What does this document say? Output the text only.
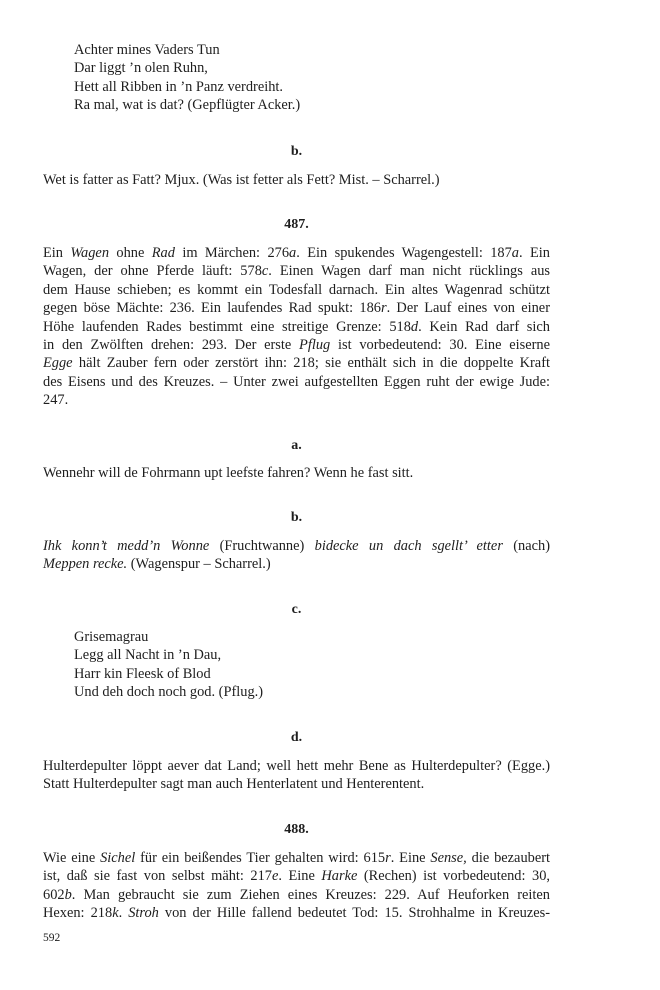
Achter mines Vaders Tun
Dar liggt ’n olen Ruhn,
Hett all Ribben in ’n Panz verdreiht.
Ra mal, wat is dat? (Gepflügter Acker.)
b.
Wet is fatter as Fatt? Mjux. (Was ist fetter als Fett? Mist. – Scharrel.)
487.
Ein Wagen ohne Rad im Märchen: 276a. Ein spukendes Wagengestell: 187a. Ein
Wagen, der ohne Pferde läuft: 578c. Einen Wagen darf man nicht rücklings aus
dem Hause schieben; es kommt ein Todesfall darnach. Ein altes Wagenrad schützt
gegen böse Mächte: 236. Ein laufendes Rad spukt: 186r. Der Lauf eines von einer
Höhe laufenden Rades bestimmt eine streitige Grenze: 518d. Kein Rad darf sich
in den Zwölften drehen: 293. Der erste Pflug ist vorbedeutend: 30. Eine eiserne
Egge hält Zauber fern oder zerstört ihn: 218; sie enthält sich in die doppelte Kraft
des Eisens und des Kreuzes. – Unter zwei aufgestellten Eggen ruht der ewige Jude:
247.
a.
Wennehr will de Fohrmann upt leefste fahren? Wenn he fast sitt.
b.
Ihk konn’t medd’n Wonne (Fruchtwanne) bidecke un dach sgellt’ etter (nach)
Meppen recke. (Wagenspur – Scharrel.)
c.
Grisemagrau
Legg all Nacht in ’n Dau,
Harr kin Fleesk of Blod
Und deh doch noch god. (Pflug.)
d.
Hulterdepulter löppt aever dat Land; well hett mehr Bene as Hulterdepulter? (Egge.)
Statt Hulterdepulter sagt man auch Henterlatent und Henterentent.
488.
Wie eine Sichel für ein beißendes Tier gehalten wird: 615r. Eine Sense, die bezaubert
ist, daß sie fast von selbst mäht: 217e. Eine Harke (Rechen) ist vorbedeutend: 30,
602b. Man gebraucht sie zum Ziehen eines Kreuzes: 229. Auf Heuforken reiten
Hexen: 218k. Stroh von der Hille fallend bedeutet Tod: 15. Strohhalme in Kreuzes-
592
